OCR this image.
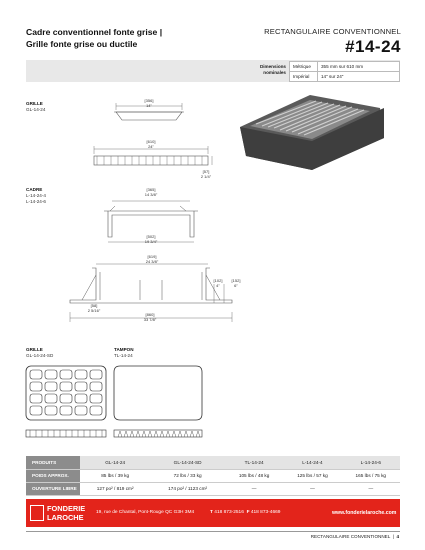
Cadre conventionnel fonte grise |
Grille fonte grise ou ductile
RECTANGULAIRE CONVENTIONNEL
#14-24
Dimensions
nominales
Métrique	355 mm sur 610 mm
Impérial	14" sur 24"
GRILLE
GL-14-24
CADRE
L-14-24-4
L-14-24-6
GRILLE
GL-14-24-SD
TAMPON
TL-14-24
[356]
14"
[610]
24"
[57]
2 1/4"
[365]
14 3/8"
[502]
19 3/4"
[619]
24 3/8"
[102]
4"
[152]
6"
[58]
2 5/16"
[860]
33 7/8"
PRODUITS	GL-14-24	GL-14-24-SD	TL-14-24	L-14-24-4	L-14-24-6
POIDS APPROX.	85 lbs / 39 kg	72 lbs / 33 kg	105 lbs / 48 kg	125 lbs / 57 kg	165 lbs / 75 kg
OUVERTURE LIBRE	127 po² / 819 cm²	174 po² / 1123 cm²	—	—	—
FONDERIE
LAROCHE
19, rue de Chantal, Pont-Rouge QC G3H 3M4	T 418 873-2516 F 418 873-4669	www.fonderielaroche.com
RECTANGULAIRE CONVENTIONNEL | 4
